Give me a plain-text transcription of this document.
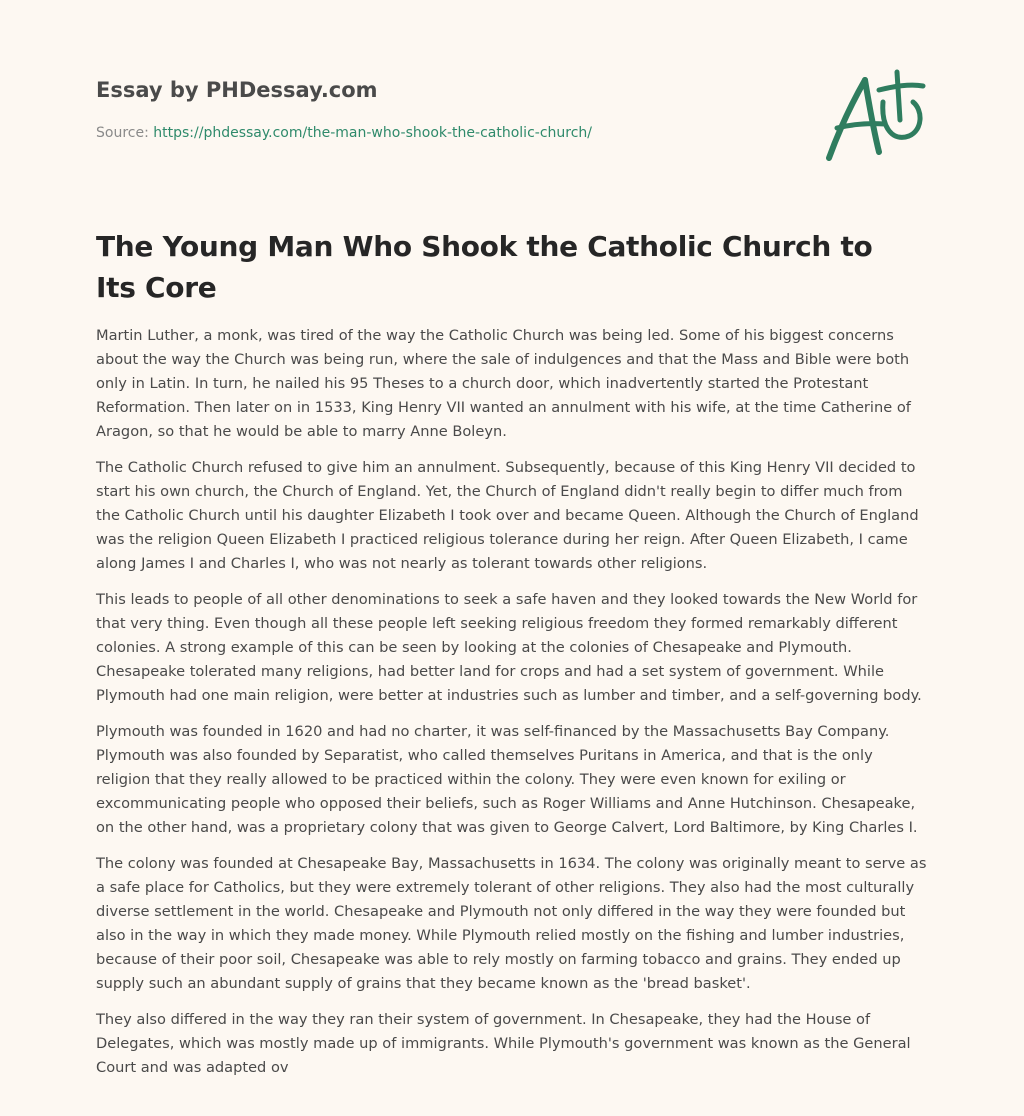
Essay by PHDessay.com
Source: https://phdessay.com/the-man-who-shook-the-catholic-church/
The Young Man Who Shook the Catholic Church to Its Core

Martin Luther, a monk, was tired of the way the Catholic Church was being led. Some of his biggest concerns about the way the Church was being run, where the sale of indulgences and that the Mass and Bible were both only in Latin. In turn, he nailed his 95 Theses to a church door, which inadvertently started the Protestant Reformation. Then later on in 1533, King Henry VII wanted an annulment with his wife, at the time Catherine of Aragon, so that he would be able to marry Anne Boleyn.

The Catholic Church refused to give him an annulment. Subsequently, because of this King Henry VII decided to start his own church, the Church of England. Yet, the Church of England didn't really begin to differ much from the Catholic Church until his daughter Elizabeth I took over and became Queen. Although the Church of England was the religion Queen Elizabeth I practiced religious tolerance during her reign. After Queen Elizabeth, I came along James I and Charles I, who was not nearly as tolerant towards other religions.

This leads to people of all other denominations to seek a safe haven and they looked towards the New World for that very thing. Even though all these people left seeking religious freedom they formed remarkably different colonies. A strong example of this can be seen by looking at the colonies of Chesapeake and Plymouth. Chesapeake tolerated many religions, had better land for crops and had a set system of government. While Plymouth had one main religion, were better at industries such as lumber and timber, and a self-governing body.

Plymouth was founded in 1620 and had no charter, it was self-financed by the Massachusetts Bay Company. Plymouth was also founded by Separatist, who called themselves Puritans in America, and that is the only religion that they really allowed to be practiced within the colony. They were even known for exiling or excommunicating people who opposed their beliefs, such as Roger Williams and Anne Hutchinson. Chesapeake, on the other hand, was a proprietary colony that was given to George Calvert, Lord Baltimore, by King Charles I.

The colony was founded at Chesapeake Bay, Massachusetts in 1634. The colony was originally meant to serve as a safe place for Catholics, but they were extremely tolerant of other religions. They also had the most culturally diverse settlement in the world. Chesapeake and Plymouth not only differed in the way they were founded but also in the way in which they made money. While Plymouth relied mostly on the fishing and lumber industries, because of their poor soil, Chesapeake was able to rely mostly on farming tobacco and grains. They ended up supply such an abundant supply of grains that they became known as the 'bread basket'.

They also differed in the way they ran their system of government. In Chesapeake, they had the House of Delegates, which was mostly made up of immigrants. While Plymouth's government was known as the General Court and was adapted ov
